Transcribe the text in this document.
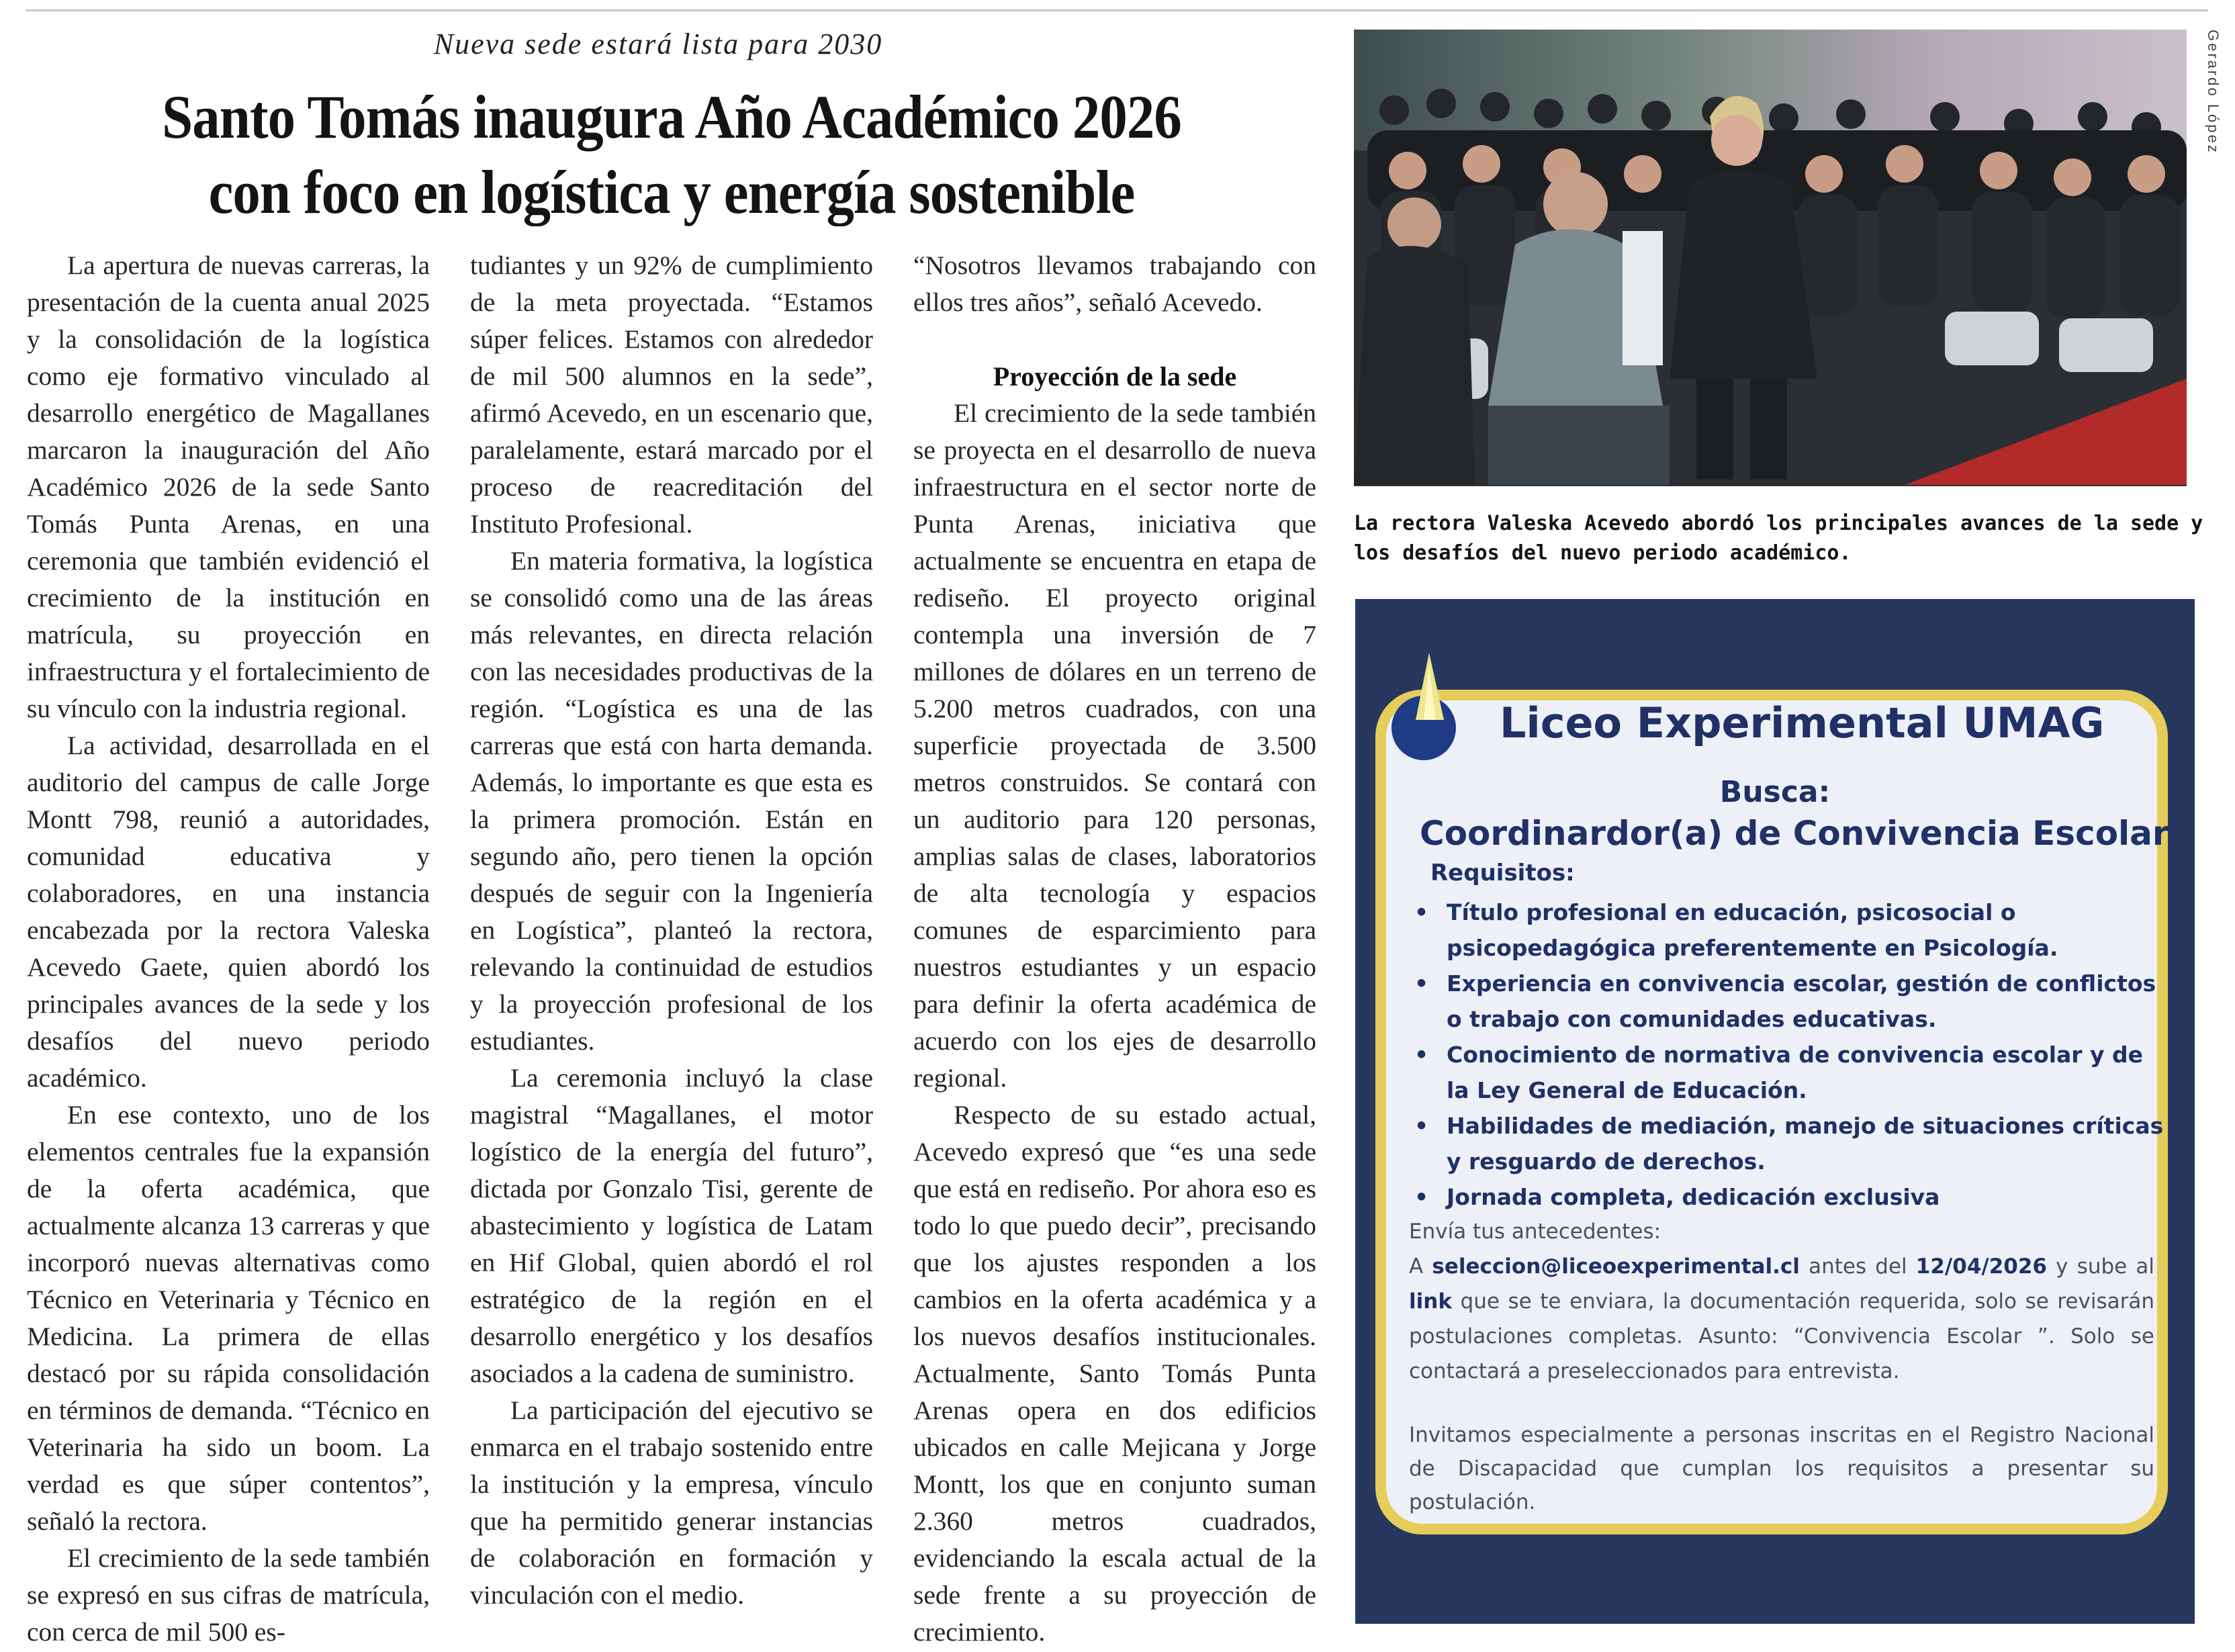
Nueva sede estará lista para 2030
Santo Tomás inaugura Año Académico 2026
con foco en logística y energía sostenible

La apertura de nuevas carreras, la presentación de la cuenta anual 2025 y la consolidación de la logística como eje formativo vinculado al desarrollo energético de Magallanes marcaron la inauguración del Año Académico 2026 de la sede Santo Tomás Punta Arenas, en una ceremonia que también evidenció el crecimiento de la institución en matrícula, su proyección en infraestructura y el fortalecimiento de su vínculo con la industria regional.

La actividad, desarrollada en el auditorio del campus de calle Jorge Montt 798, reunió a autoridades, comunidad educativa y colaboradores, en una instancia encabezada por la rectora Valeska Acevedo Gaete, quien abordó los principales avances de la sede y los desafíos del nuevo periodo académico.

En ese contexto, uno de los elementos centrales fue la expansión de la oferta académica, que actualmente alcanza 13 carreras y que incorporó nuevas alternativas como Técnico en Veterinaria y Técnico en Medicina. La primera de ellas destacó por su rápida consolidación en términos de demanda. “Técnico en Veterinaria ha sido un boom. La verdad es que súper contentos”, señaló la rectora.

El crecimiento de la sede también se expresó en sus cifras de matrícula, con cerca de mil 500 es-

tudiantes y un 92% de cumplimiento de la meta proyectada. “Estamos súper felices. Estamos con alrededor de mil 500 alumnos en la sede”, afirmó Acevedo, en un escenario que, paralelamente, estará marcado por el proceso de reacreditación del Instituto Profesional.

En materia formativa, la logística se consolidó como una de las áreas más relevantes, en directa relación con las necesidades productivas de la región. “Logística es una de las carreras que está con harta demanda. Además, lo importante es que esta es la primera promoción. Están en segundo año, pero tienen la opción después de seguir con la Ingeniería en Logística”, planteó la rectora, relevando la continuidad de estudios y la proyección profesional de los estudiantes.

La ceremonia incluyó la clase magistral “Magallanes, el motor logístico de la energía del futuro”, dictada por Gonzalo Tisi, gerente de abastecimiento y logística de Latam en Hif Global, quien abordó el rol estratégico de la región en el desarrollo energético y los desafíos asociados a la cadena de suministro.

La participación del ejecutivo se enmarca en el trabajo sostenido entre la institución y la empresa, vínculo que ha permitido generar instancias de colaboración en formación y vinculación con el medio.

“Nosotros llevamos trabajando con ellos tres años”, señaló Acevedo.

Proyección de la sede

El crecimiento de la sede también se proyecta en el desarrollo de nueva infraestructura en el sector norte de Punta Arenas, iniciativa que actualmente se encuentra en etapa de rediseño. El proyecto original contempla una inversión de 7 millones de dólares en un terreno de 5.200 metros cuadrados, con una superficie proyectada de 3.500 metros construidos. Se contará con un auditorio para 120 personas, amplias salas de clases, laboratorios de alta tecnología y espacios comunes de esparcimiento para nuestros estudiantes y un espacio para definir la oferta académica de acuerdo con los ejes de desarrollo regional.

Respecto de su estado actual, Acevedo expresó que “es una sede que está en rediseño. Por ahora eso es todo lo que puedo decir”, precisando que los ajustes responden a los cambios en la oferta académica y a los nuevos desafíos institucionales. Actualmente, Santo Tomás Punta Arenas opera en dos edificios ubicados en calle Mejicana y Jorge Montt, los que en conjunto suman 2.360 metros cuadrados, evidenciando la escala actual de la sede frente a su proyección de crecimiento.

Gerardo López
La rectora Valeska Acevedo abordó los principales avances de la sede y los desafíos del nuevo periodo académico.
Liceo Experimental UMAG
Busca:
Coordinardor(a) de Convivencia Escolar
Requisitos:
• Título profesional en educación, psicosocial o psicopedagógica preferentemente en Psicología.
• Experiencia en convivencia escolar, gestión de conflictos o trabajo con comunidades educativas.
• Conocimiento de normativa de convivencia escolar y de la Ley General de Educación.
• Habilidades de mediación, manejo de situaciones críticas y resguardo de derechos.
• Jornada completa, dedicación exclusiva
Envía tus antecedentes:
A seleccion@liceoexperimental.cl antes del 12/04/2026 y sube al link que se te enviara, la documentación requerida, solo se revisarán postulaciones completas. Asunto: “Convivencia Escolar ”. Solo se contactará a preseleccionados para entrevista.
Invitamos especialmente a personas inscritas en el Registro Nacional de Discapacidad que cumplan los requisitos a presentar su postulación.
